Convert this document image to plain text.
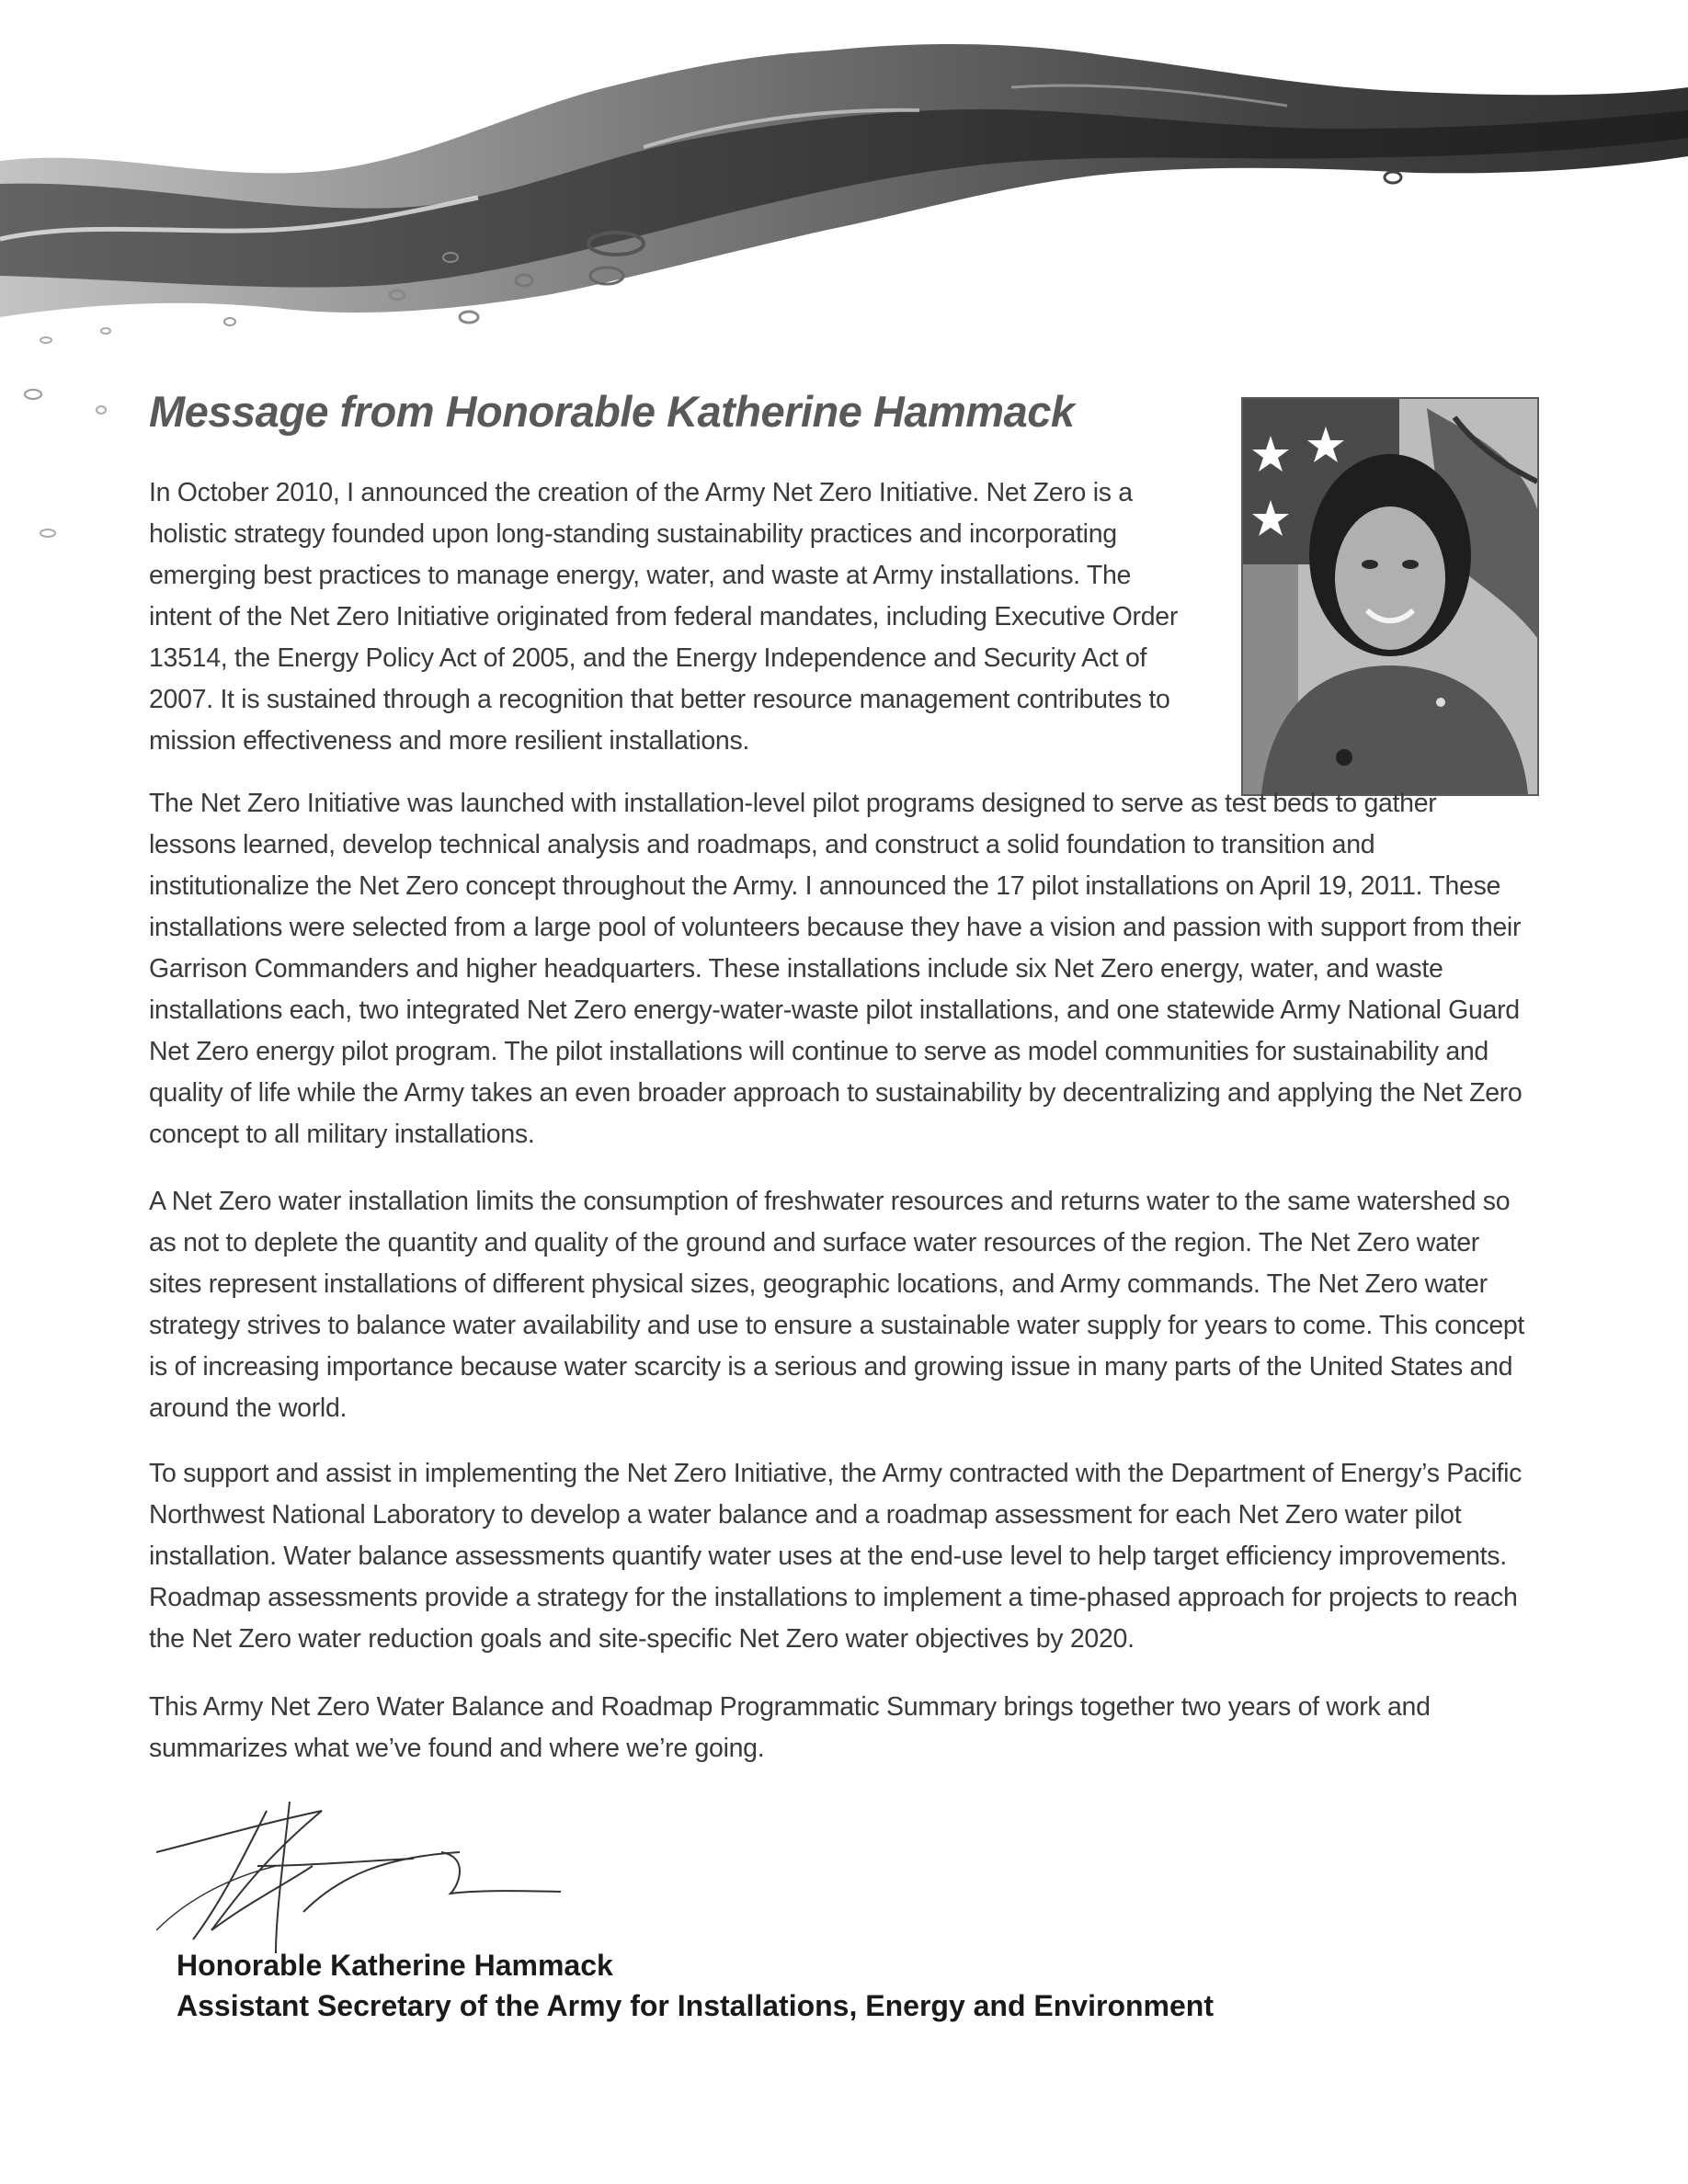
Message from Honorable Katherine Hammack

In October 2010, I announced the creation of the Army Net Zero Initiative. Net Zero is a holistic strategy founded upon long-standing sustainability practices and incorporating emerging best practices to manage energy, water, and waste at Army installations. The intent of the Net Zero Initiative originated from federal mandates, including Executive Order 13514, the Energy Policy Act of 2005, and the Energy Independence and Security Act of 2007. It is sustained through a recognition that better resource management contributes to mission effectiveness and more resilient installations.

The Net Zero Initiative was launched with installation-level pilot programs designed to serve as test beds to gather lessons learned, develop technical analysis and roadmaps, and construct a solid foundation to transition and institutionalize the Net Zero concept throughout the Army. I announced the 17 pilot installations on April 19, 2011. These installations were selected from a large pool of volunteers because they have a vision and passion with support from their Garrison Commanders and higher headquarters. These installations include six Net Zero energy, water, and waste installations each, two integrated Net Zero energy-water-waste pilot installations, and one statewide Army National Guard Net Zero energy pilot program. The pilot installations will continue to serve as model communities for sustainability and quality of life while the Army takes an even broader approach to sustainability by decentralizing and applying the Net Zero concept to all military installations.

A Net Zero water installation limits the consumption of freshwater resources and returns water to the same watershed so as not to deplete the quantity and quality of the ground and surface water resources of the region. The Net Zero water sites represent installations of different physical sizes, geographic locations, and Army commands. The Net Zero water strategy strives to balance water availability and use to ensure a sustainable water supply for years to come. This concept is of increasing importance because water scarcity is a serious and growing issue in many parts of the United States and around the world.

To support and assist in implementing the Net Zero Initiative, the Army contracted with the Department of Energy’s Pacific Northwest National Laboratory to develop a water balance and a roadmap assessment for each Net Zero water pilot installation. Water balance assessments quantify water uses at the end-use level to help target efficiency improvements. Roadmap assessments provide a strategy for the installations to implement a time-phased approach for projects to reach the Net Zero water reduction goals and site-specific Net Zero water objectives by 2020.

This Army Net Zero Water Balance and Roadmap Programmatic Summary brings together two years of work and summarizes what we’ve found and where we’re going.

Honorable Katherine Hammack

Assistant Secretary of the Army for Installations, Energy and Environment
